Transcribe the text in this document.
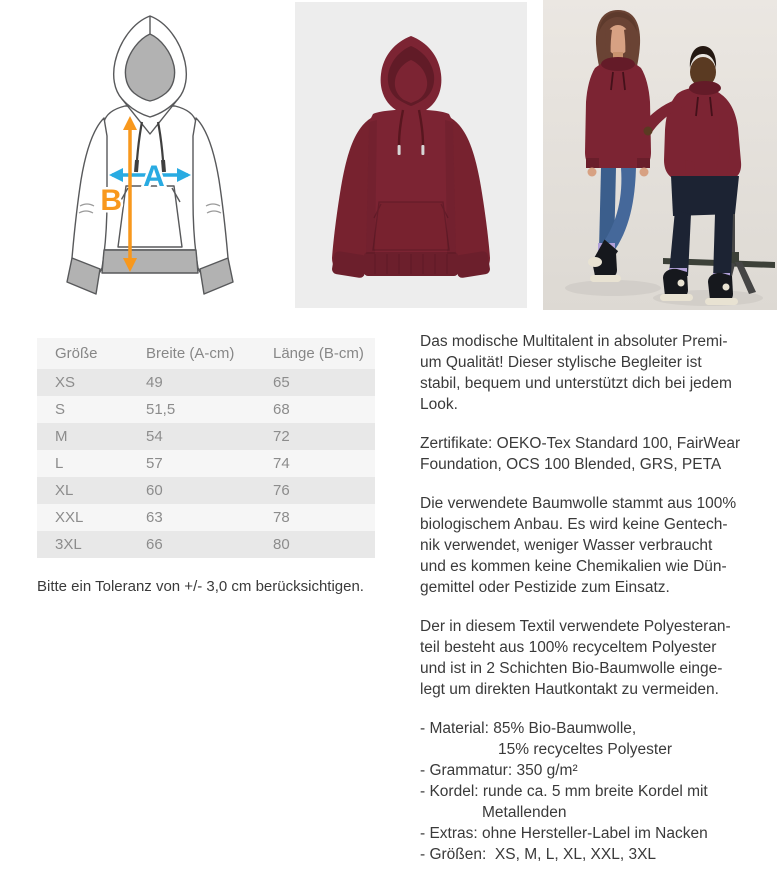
A
B
Größe	Breite (A-cm)	Länge (B-cm)
XS	49	65
S	51,5	68
M	54	72
L	57	74
XL	60	76
XXL	63	78
3XL	66	80
Bitte ein Toleranz von +/- 3,0 cm berücksichtigen.
Das modische Multitalent in absoluter Premi-
um Qualität! Dieser stylische Begleiter ist
stabil, bequem und unterstützt dich bei jedem
Look.
Zertifikate: OEKO-Tex Standard 100, FairWear
Foundation, OCS 100 Blended, GRS, PETA
Die verwendete Baumwolle stammt aus 100%
biologischem Anbau. Es wird keine Gentech-
nik verwendet, weniger Wasser verbraucht
und es kommen keine Chemikalien wie Dün-
gemittel oder Pestizide zum Einsatz.
Der in diesem Textil verwendete Polyesteran-
teil besteht aus 100% recyceltem Polyester
und ist in 2 Schichten Bio-Baumwolle einge-
legt um direkten Hautkontakt zu vermeiden.
- Material: 85% Bio-Baumwolle,
15% recyceltes Polyester
- Grammatur: 350 g/m²
- Kordel: runde ca. 5 mm breite Kordel mit
Metallenden
- Extras: ohne Hersteller-Label im Nacken
- Größen:  XS, M, L, XL, XXL, 3XL
